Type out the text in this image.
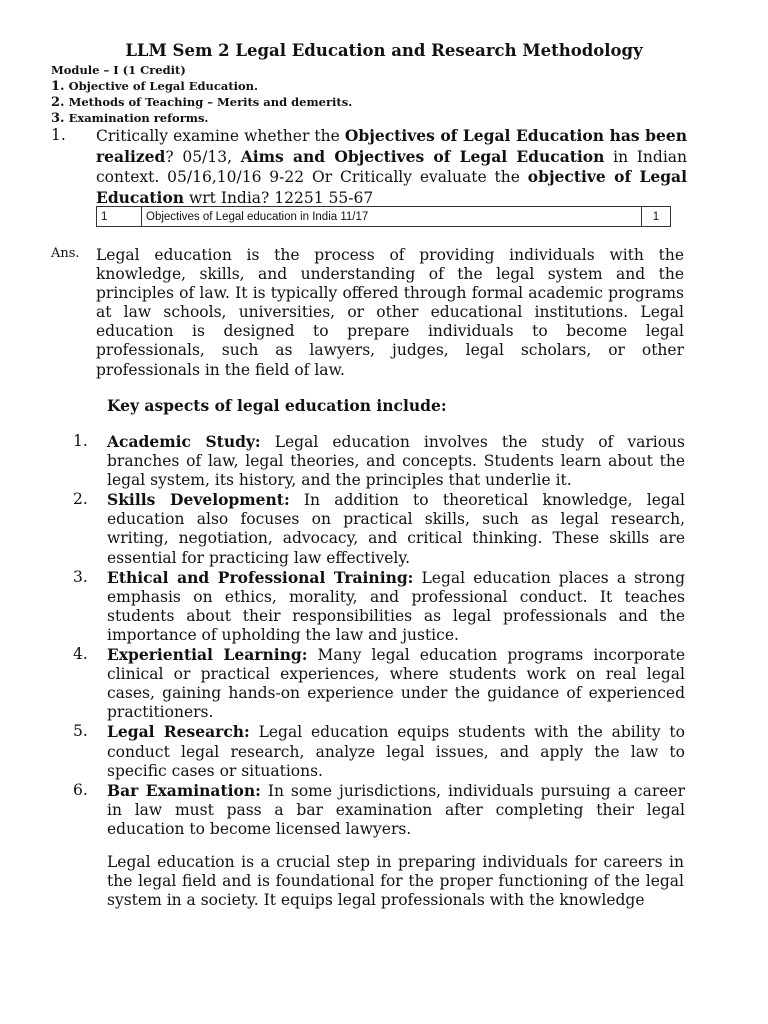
LLM Sem 2 Legal Education and Research Methodology
Module – I (1 Credit)
1. Objective of Legal Education.
2. Methods of Teaching – Merits and demerits.
3. Examination reforms.
1. Critically examine whether the Objectives of Legal Education has been realized? 05/13, Aims and Objectives of Legal Education in Indian context. 05/16,10/16 9-22 Or Critically evaluate the objective of Legal Education wrt India? 12251 55-67
1	Objectives of Legal education in India 11/17	1
Ans. Legal education is the process of providing individuals with the knowledge, skills, and understanding of the legal system and the principles of law. It is typically offered through formal academic programs at law schools, universities, or other educational institutions. Legal education is designed to prepare individuals to become legal professionals, such as lawyers, judges, legal scholars, or other professionals in the field of law.
Key aspects of legal education include:
1. Academic Study: Legal education involves the study of various branches of law, legal theories, and concepts. Students learn about the legal system, its history, and the principles that underlie it.
2. Skills Development: In addition to theoretical knowledge, legal education also focuses on practical skills, such as legal research, writing, negotiation, advocacy, and critical thinking. These skills are essential for practicing law effectively.
3. Ethical and Professional Training: Legal education places a strong emphasis on ethics, morality, and professional conduct. It teaches students about their responsibilities as legal professionals and the importance of upholding the law and justice.
4. Experiential Learning: Many legal education programs incorporate clinical or practical experiences, where students work on real legal cases, gaining hands-on experience under the guidance of experienced practitioners.
5. Legal Research: Legal education equips students with the ability to conduct legal research, analyze legal issues, and apply the law to specific cases or situations.
6. Bar Examination: In some jurisdictions, individuals pursuing a career in law must pass a bar examination after completing their legal education to become licensed lawyers.
Legal education is a crucial step in preparing individuals for careers in the legal field and is foundational for the proper functioning of the legal system in a society. It equips legal professionals with the knowledge
